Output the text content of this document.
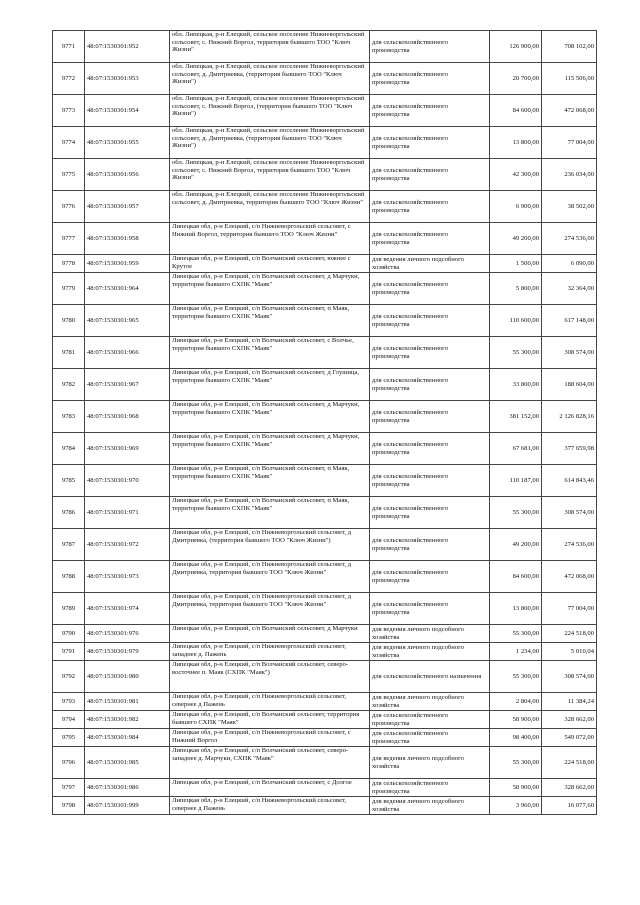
9771	48:07:1530301:952	обл. Липецкая, р-н Елецкий, сельское поселение Нижневоргольский сельсовет, с. Нижний Воргол, территория бывшего ТОО "Ключ Жизни"	для сельскохозяйственного производства	126 900,00	708 102,00
9772	48:07:1530301:953	обл. Липецкая, р-н Елецкий, сельское поселение Нижневоргольский сельсовет, д. Дмитриевка, (территория бывшего ТОО "Ключ Жизни")	для сельскохозяйственного производства	20 700,00	115 506,00
9773	48:07:1530301:954	обл. Липецкая, р-н Елецкий, сельское поселение Нижневоргольский сельсовет, с. Нижний Воргол, (территория бывшего ТОО "Ключ Жизни")	для сельскохозяйственного производства	84 600,00	472 068,00
9774	48:07:1530301:955	обл. Липецкая, р-н Елецкий, сельское поселение Нижневоргольский сельсовет, д. Дмитриевка, (территория бывшего ТОО "Ключ Жизни")	для сельскохозяйственного производства	13 800,00	77 004,00
9775	48:07:1530301:956	обл. Липецкая, р-н Елецкий, сельское поселение Нижневоргольский сельсовет, с. Нижний Воргол, территория бывшего ТОО "Ключ Жизни"	для сельскохозяйственного производства	42 300,00	236 034,00
9776	48:07:1530301:957	обл. Липецкая, р-н Елецкий, сельское поселение Нижневоргольский сельсовет, д. Дмитриевка, территория бывшего ТОО "Ключ Жизни"	для сельскохозяйственного производства	6 900,00	38 502,00
9777	48:07:1530301:958	Липецкая обл, р-н Елецкий, с/п Нижневоргольский сельсовет, с Нижний Воргол, территория бывшего ТОО "Ключ Жизни"	для сельскохозяйственного производства	49 200,00	274 536,00
9778	48:07:1530301:959	Липецкая обл, р-н Елецкий, с/п Волчанский сельсовет, южнее с Крутое	для ведения личного подсобного хозяйства	1 500,00	6 090,00
9779	48:07:1530301:964	Липецкая обл, р-н Елецкий, с/п Волчанский сельсовет, д Марчуки, территория бывшего СХПК "Маяк"	для сельскохозяйственного производства	5 800,00	32 364,00
9780	48:07:1530301:965	Липецкая обл, р-н Елецкий, с/п Волчанский сельсовет, п Маяк, территория бывшего СХПК "Маяк"	для сельскохозяйственного производства	110 600,00	617 148,00
9781	48:07:1530301:966	Липецкая обл, р-н Елецкий, с/п Волчанский сельсовет, с Волчье, территория бывшего СХПК "Маяк"	для сельскохозяйственного производства	55 300,00	308 574,00
9782	48:07:1530301:967	Липецкая обл, р-н Елецкий, с/п Волчанский сельсовет, д Глушица, территория бывшего СХПК "Маяк"	для сельскохозяйственного производства	33 800,00	188 604,00
9783	48:07:1530301:968	Липецкая обл, р-н Елецкий, с/п Волчанский сельсовет, д Марчуки, территория бывшего СХПК "Маяк"	для сельскохозяйственного производства	381 152,00	2 126 828,16
9784	48:07:1530301:969	Липецкая обл, р-н Елецкий, с/п Волчанский сельсовет, д Марчуки, территория бывшего СХПК "Маяк"	для сельскохозяйственного производства	67 681,00	377 659,98
9785	48:07:1530301:970	Липецкая обл, р-н Елецкий, с/п Волчанский сельсовет, п Маяк, территория бывшего СХПК "Маяк"	для сельскохозяйственного производства	110 187,00	614 843,46
9786	48:07:1530301:971	Липецкая обл, р-н Елецкий, с/п Волчанский сельсовет, п Маяк, территория бывшего СХПК "Маяк"	для сельскохозяйственного производства	55 300,00	308 574,00
9787	48:07:1530301:972	Липецкая обл, р-н Елецкий, с/п Нижневоргольский сельсовет, д Дмитриевка, (территория бывшего ТОО "Ключ Жизни")	для сельскохозяйственного производства	49 200,00	274 536,00
9788	48:07:1530301:973	Липецкая обл, р-н Елецкий, с/п Нижневоргольский сельсовет, д Дмитриевка, территория бывшего ТОО "Ключ Жизни"	для сельскохозяйственного производства	84 600,00	472 068,00
9789	48:07:1530301:974	Липецкая обл, р-н Елецкий, с/п Нижневоргольский сельсовет, д Дмитриевка, территория бывшего ТОО "Ключ Жизни"	для сельскохозяйственного производства	13 800,00	77 004,00
9790	48:07:1530301:976	Липецкая обл, р-н Елецкий, с/п Волчанский сельсовет, д Марчуки	для ведения личного подсобного хозяйства	55 300,00	224 518,00
9791	48:07:1530301:979	Липецкая обл, р-н Елецкий, с/п Нижневоргольский сельсовет, западнее д. Пажень	для ведения личного подсобного хозяйства	1 234,00	5 010,04
9792	48:07:1530301:980	Липецкая обл, р-н Елецкий, с/п Волчанский сельсовет, северо-восточнее п. Маяк (СХПК "Маяк")	для сельскохозяйственного назначения	55 300,00	308 574,00
9793	48:07:1530301:981	Липецкая обл, р-н Елецкий, с/п Нижневоргольский сельсовет, севернее д Пажень	для ведения личного подсобного хозяйства	2 804,00	11 384,24
9794	48:07:1530301:982	Липецкая обл, р-н Елецкий, с/п Волчанский сельсовет, территория бывшего СХПК "Маяк"	для сельскохозяйственного производства	58 900,00	328 662,00
9795	48:07:1530301:984	Липецкая обл, р-н Елецкий, с/п Нижневоргольский сельсовет, с Нижний Воргол	для сельскохозяйственного производства	98 400,00	549 072,00
9796	48:07:1530301:985	Липецкая обл, р-н Елецкий, с/п Волчанский сельсовет, северо-западнее д. Марчуки, СХПК "Маяк"	для ведения личного подсобного хозяйства	55 300,00	224 518,00
9797	48:07:1530301:986	Липецкая обл, р-н Елецкий, с/п Волчанский сельсовет, с Долгое	для сельскохозяйственного производства	58 900,00	328 662,00
9798	48:07:1530301:999	Липецкая обл, р-н Елецкий, с/п Нижневоргольский сельсовет, севернее д Пажень	для ведения личного подсобного хозяйства	3 960,00	16 077,60
